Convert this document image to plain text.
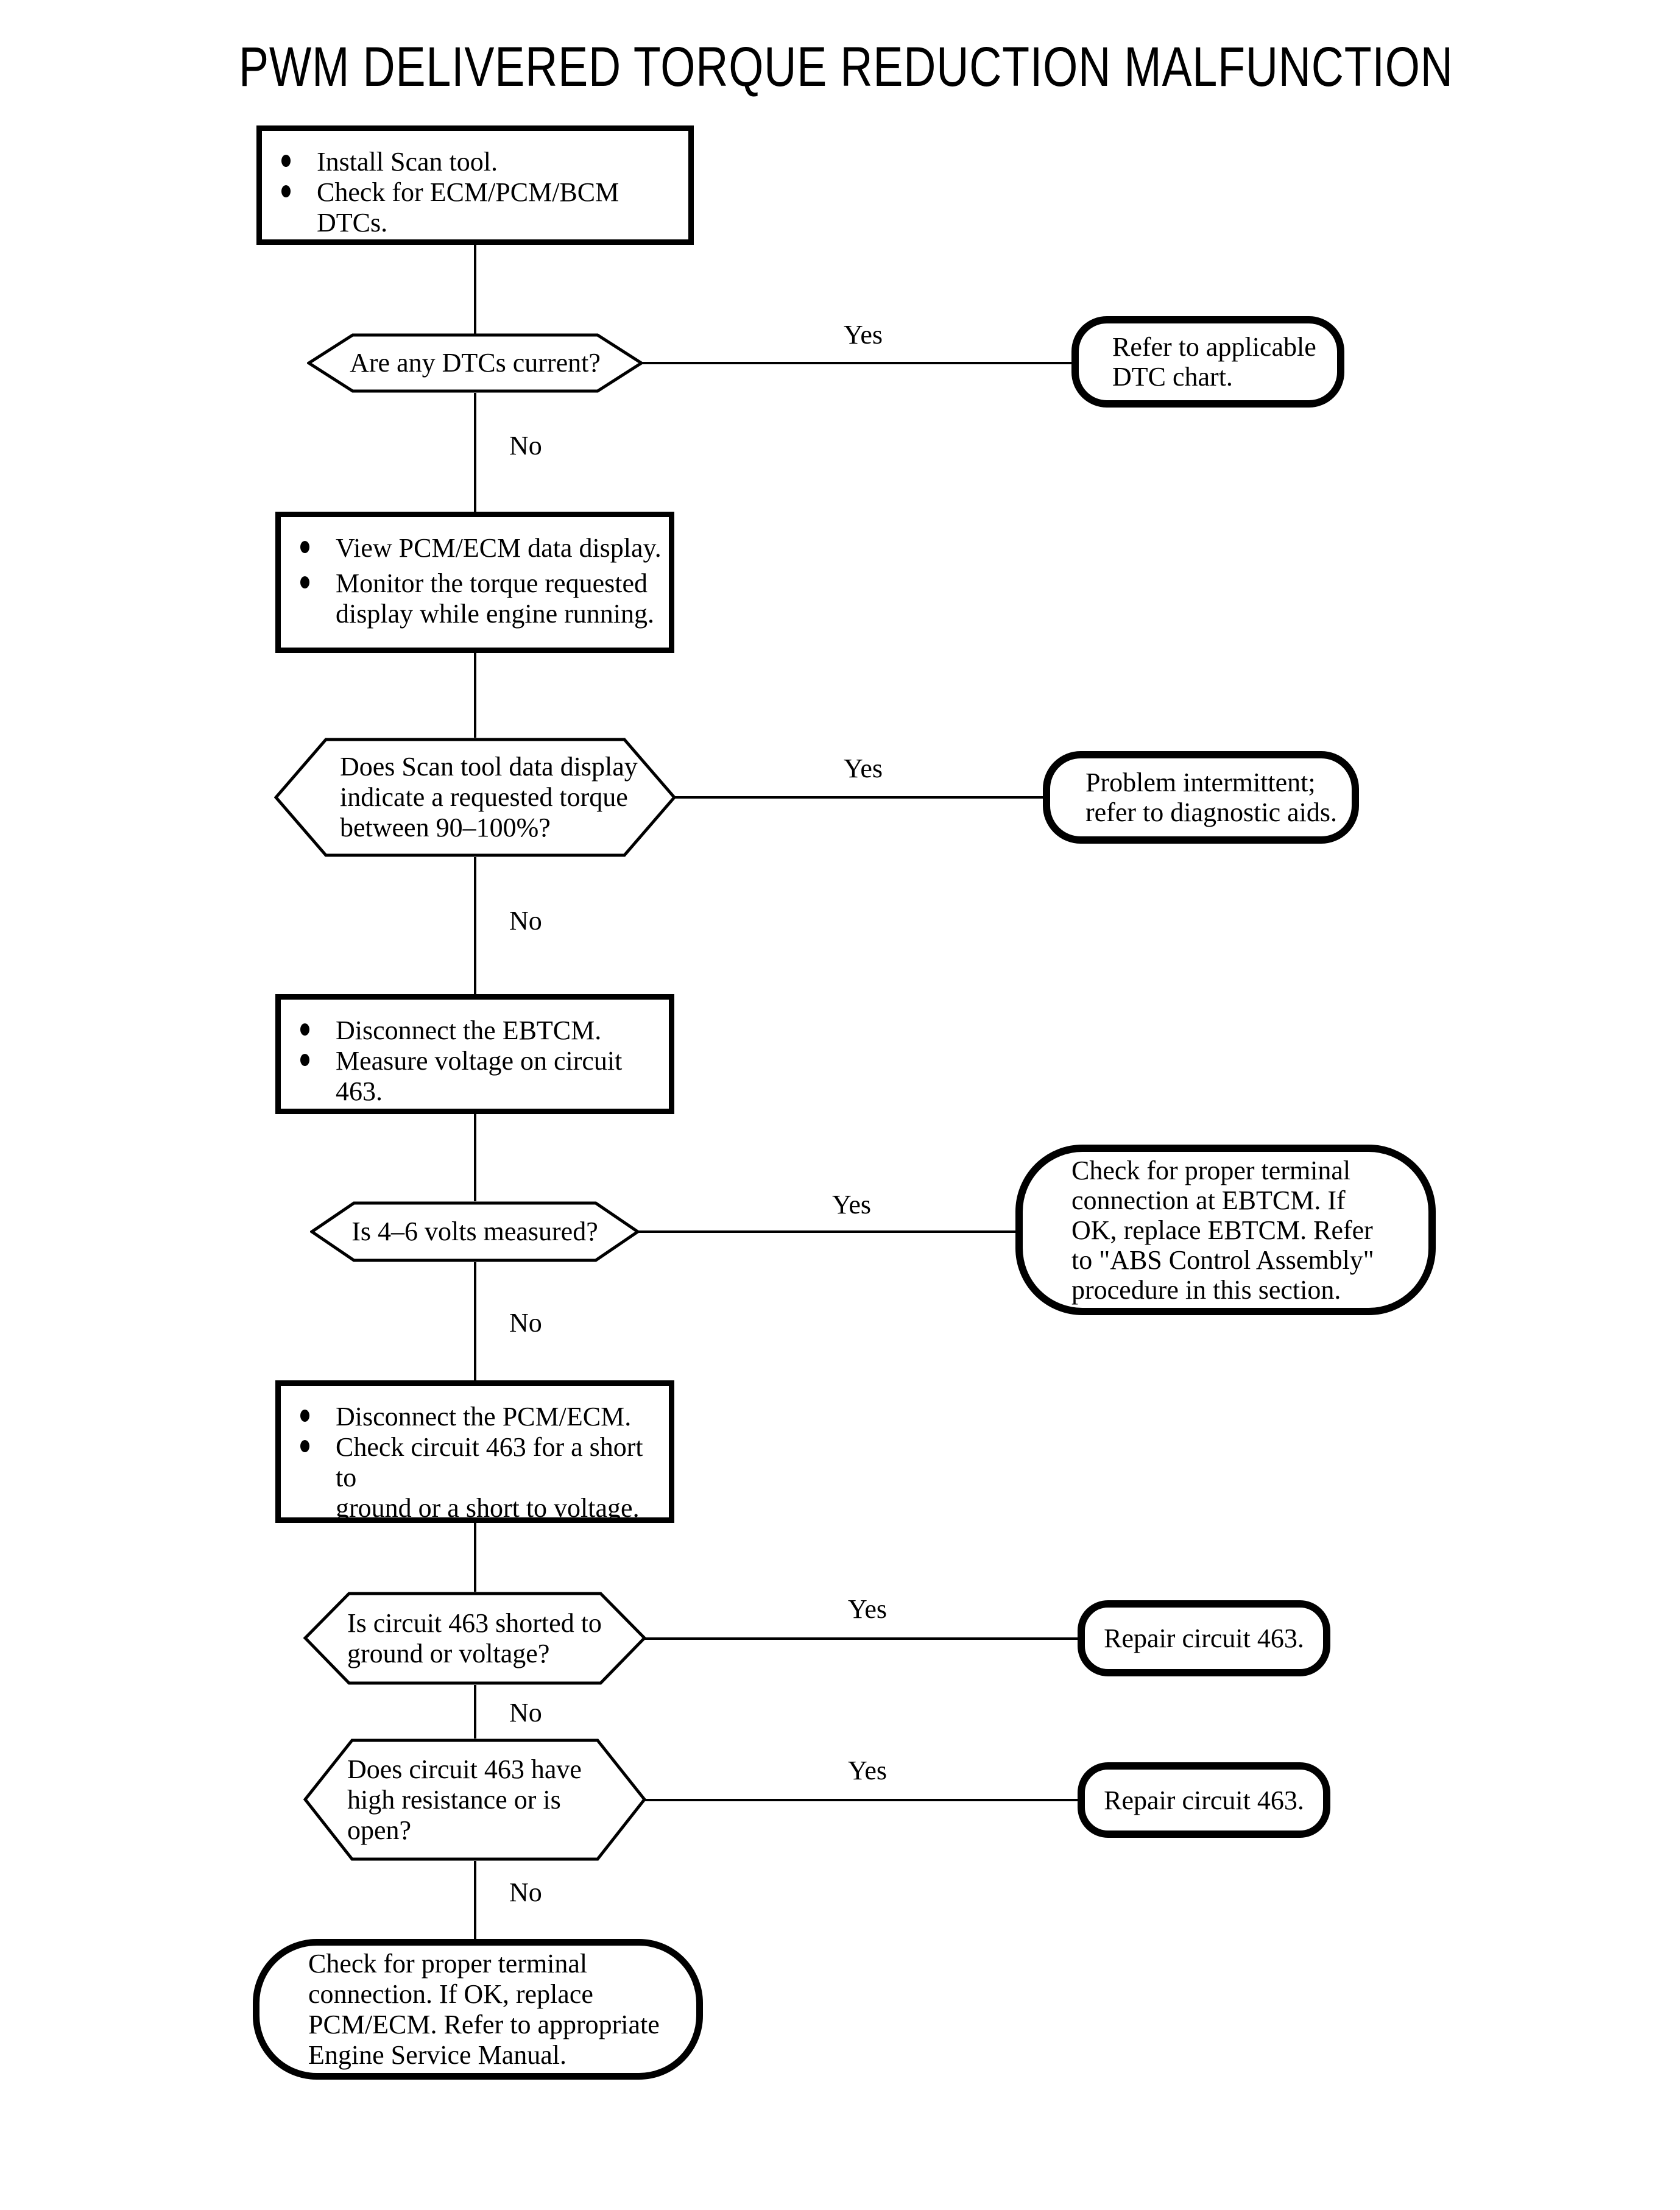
PWM DELIVERED TORQUE REDUCTION MALFUNCTION
Yes
No
Yes
No
Yes
No
Yes
No
Yes
No
Install Scan tool.
Check for ECM/PCM/BCM DTCs.
Are any DTCs current?
Refer to applicable
DTC chart.
View PCM/ECM data display.
Monitor the torque requested
display while engine running.
Does Scan tool data display
indicate a requested torque
between 90–100%?
Problem intermittent;
refer to diagnostic aids.
Disconnect the EBTCM.
Measure voltage on circuit 463.
Is 4–6 volts measured?
Check for proper terminal
connection at EBTCM. If
OK, replace EBTCM. Refer
to "ABS Control Assembly"
procedure in this section.
Disconnect the PCM/ECM.
Check circuit 463 for a short to
ground or a short to voltage.
Is circuit 463 shorted to
ground or voltage?	Repair circuit 463.
Does circuit 463 have
high resistance or is
open?
Repair circuit 463.
Check for proper terminal
connection. If OK, replace
PCM/ECM. Refer to appropriate
Engine Service Manual.
